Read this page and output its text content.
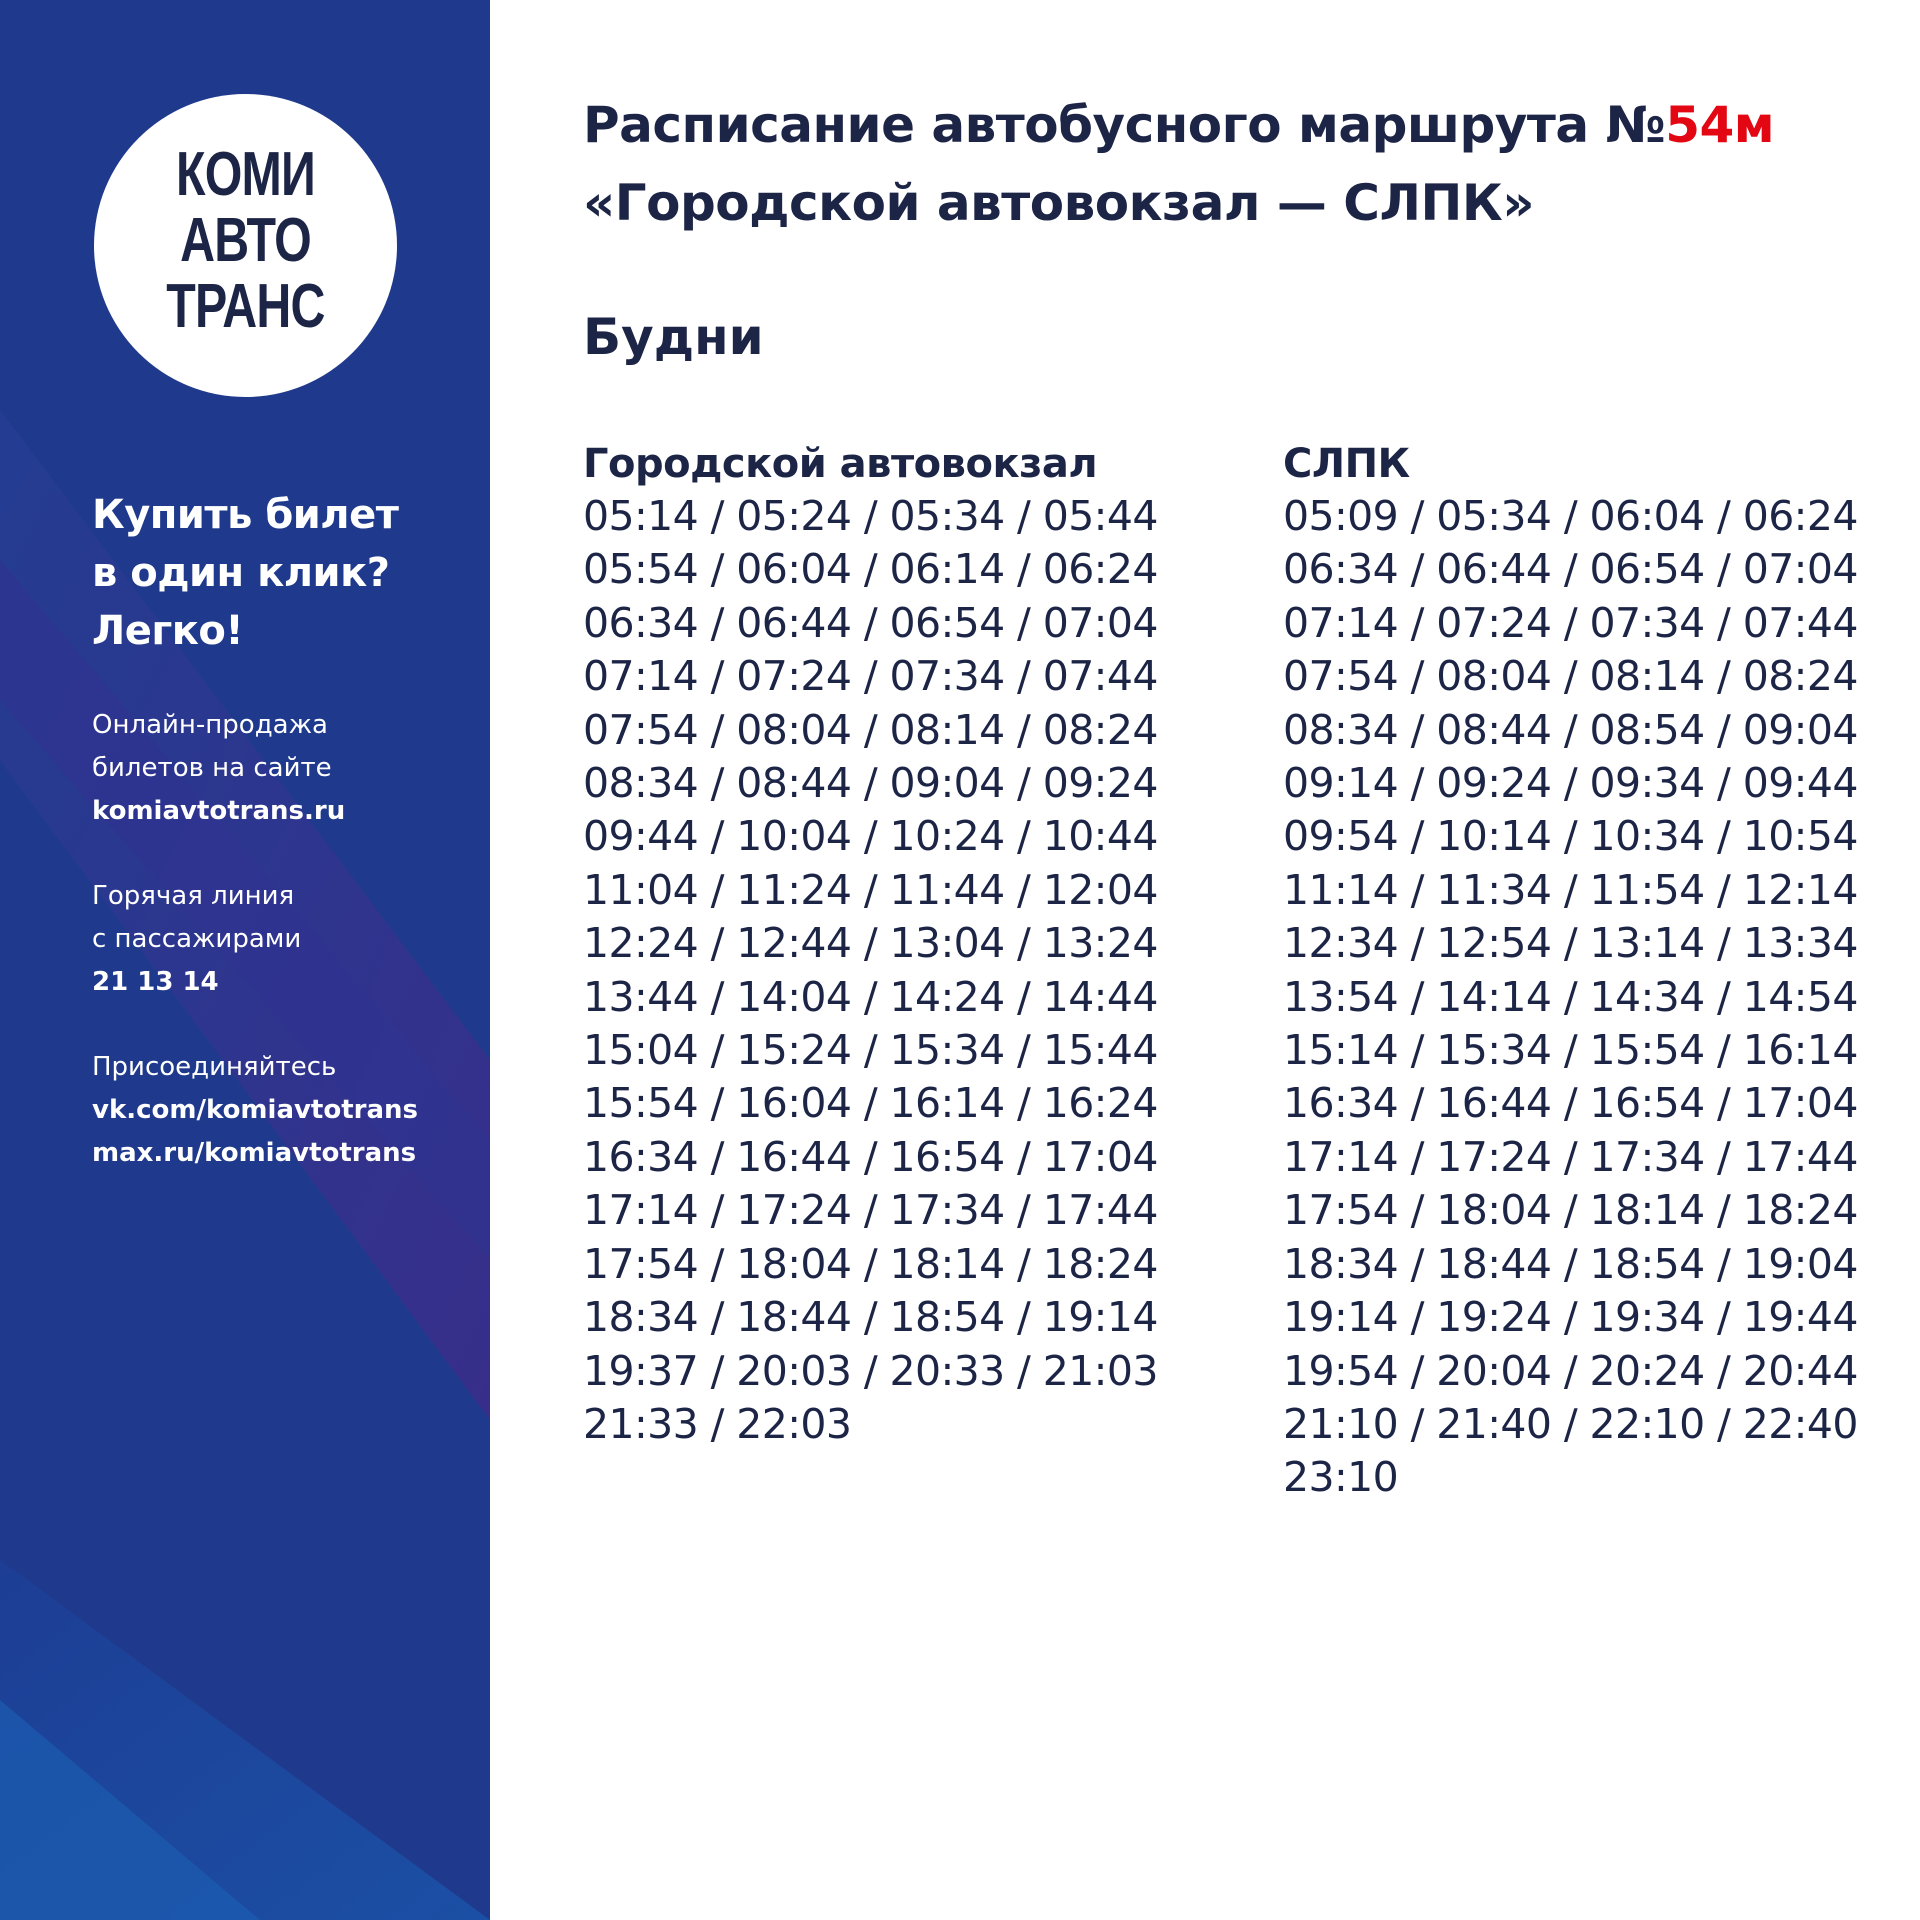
КОМИ
АВТО
ТРАНС
Купить билет
в один клик?
Легко!
Онлайн-продажа
билетов на сайте
komiavtotrans.ru
Горячая линия
с пассажирами
21 13 14
Присоединяйтесь
vk.com/komiavtotrans
max.ru/komiavtotrans
Расписание автобусного маршрута №54м
«Городской автовокзал — СЛПК»
Будни
Городской автовокзал
05:14 / 05:24 / 05:34 / 05:44
05:54 / 06:04 / 06:14 / 06:24
06:34 / 06:44 / 06:54 / 07:04
07:14 / 07:24 / 07:34 / 07:44
07:54 / 08:04 / 08:14 / 08:24
08:34 / 08:44 / 09:04 / 09:24
09:44 / 10:04 / 10:24 / 10:44
11:04 / 11:24 / 11:44 / 12:04
12:24 / 12:44 / 13:04 / 13:24
13:44 / 14:04 / 14:24 / 14:44
15:04 / 15:24 / 15:34 / 15:44
15:54 / 16:04 / 16:14 / 16:24
16:34 / 16:44 / 16:54 / 17:04
17:14 / 17:24 / 17:34 / 17:44
17:54 / 18:04 / 18:14 / 18:24
18:34 / 18:44 / 18:54 / 19:14
19:37 / 20:03 / 20:33 / 21:03
21:33 / 22:03
СЛПК
05:09 / 05:34 / 06:04 / 06:24
06:34 / 06:44 / 06:54 / 07:04
07:14 / 07:24 / 07:34 / 07:44
07:54 / 08:04 / 08:14 / 08:24
08:34 / 08:44 / 08:54 / 09:04
09:14 / 09:24 / 09:34 / 09:44
09:54 / 10:14 / 10:34 / 10:54
11:14 / 11:34 / 11:54 / 12:14
12:34 / 12:54 / 13:14 / 13:34
13:54 / 14:14 / 14:34 / 14:54
15:14 / 15:34 / 15:54 / 16:14
16:34 / 16:44 / 16:54 / 17:04
17:14 / 17:24 / 17:34 / 17:44
17:54 / 18:04 / 18:14 / 18:24
18:34 / 18:44 / 18:54 / 19:04
19:14 / 19:24 / 19:34 / 19:44
19:54 / 20:04 / 20:24 / 20:44
21:10 / 21:40 / 22:10 / 22:40
23:10
